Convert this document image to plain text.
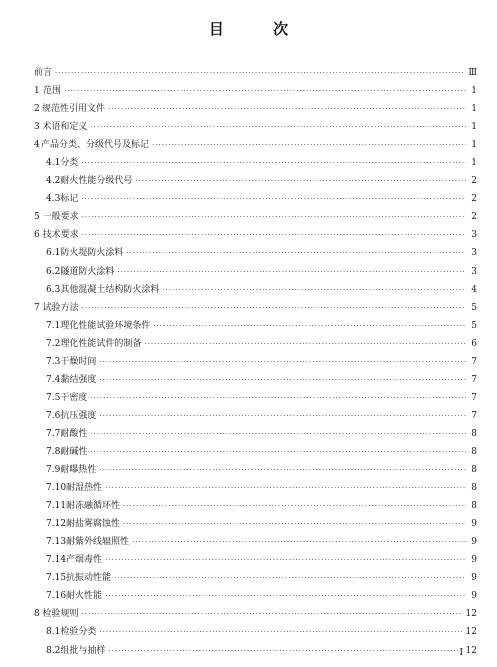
目 次
前言 ·····	Ⅲ
1 范围 ·····	1
2 规范性引用文件 ·····	1
3 术语和定义 ·····	1
4 产品分类、分级代号及标记 ·····	1
4.1 分类 ·····	1
4.2 耐火性能分级代号 ·····	2
4.3 标记 ·····	2
5 一般要求 ·····	2
6 技术要求 ·····	3
6.1 防火堤防火涂料 ·····	3
6.2 隧道防火涂料 ·····	3
6.3 其他混凝土结构防火涂料 ·····	4
7 试验方法 ·····	5
7.1 理化性能试验环境条件 ·····	5
7.2 理化性能试件的制备 ·····	6
7.3 干燥时间 ·····	7
7.4 黏结强度 ·····	7
7.5 干密度 ·····	7
7.6 抗压强度 ·····	7
7.7 耐酸性 ·····	8
7.8 耐碱性 ·····	8
7.9 耐曝热性 ·····	8
7.10 耐湿热性 ·····	8
7.11 耐冻融循环性 ·····	8
7.12 耐盐雾腐蚀性 ·····	9
7.13 耐紫外线辐照性 ·····	9
7.14 产烟毒性 ·····	9
7.15 抗振动性能 ·····	9
7.16 耐火性能 ·····	9
8 检验规则 ·····	12
8.1 检验分类 ·····	12
8.2 组批与抽样 ·····	12
I
